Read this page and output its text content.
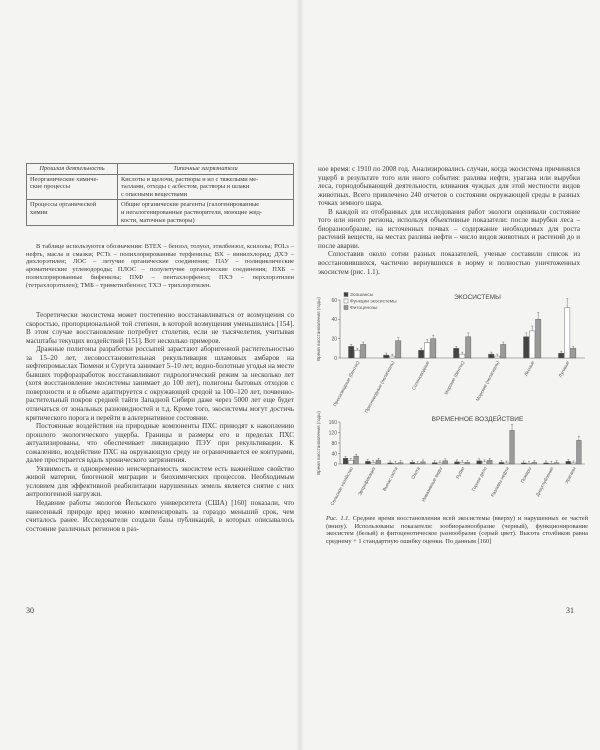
Прошлая деятельность	Типичные загрязнители
Неорганические химиче-
ские процессы	Кислоты и щелочи, растворы и ил с тяжелыми ме-
таллами, отходы с асбестом, растворы и шлаки
с опасными веществами
Процессы органической
химии	Общие органические реагенты (галогенированные
и негалогенированные растворители, моющие жид-
кости, маточные растворы)

В таблице используются обозначения: BTEX – бензол, толуол, этилбензол, ксилолы; POLs – нефть, масла и смазки; PCTs – полихлорированные терфенилы; ВХ – винилхлорид; ДХЭ – дихлорэтилен; ЛОС – летучие органические соединения; ПАУ – полициклические ароматические углеводороды; ПЛОС – полулетучие органические соединения; ПХБ – полихлорированные бифенилы; ПХФ – пентахлорфенол; ПХЭ – перхлорэтилен (тетрахлорэтилен); ТМБ – триметилбензол; ТХЭ – трихлорэтилен.

Теоретически экосистема может постепенно восстанавливаться от возмущения со скоростью, пропорциональной той степени, в которой возмущения уменьшились [154]. В этом случае восстановление потребует столетия, если не тысячелетия, учитывая масштабы текущих воздействий [151]. Вот несколько примеров.

Дражные полигоны разработки россыпей зарастают аборигенной растительностью за 15–20 лет, лесовосстановительная рекультивация шламовых амбаров на нефтепромыслах Тюмени и Сургута занимает 5–10 лет, водно-болотные угодья на месте бывших торфоразработок восстанавливают гидрологический режим за несколько лет (хотя восстановление экосистемы занимает до 100 лет), полигоны бытовых отходов с поверхности и в объеме адаптируется с окружающей средой за 100–120 лет, почвенно-растительный покров средней тайги Западной Сибири даже через 5000 лет еще будет отличаться от зональных разновидностей и т.д. Кроме того, экосистемы могут достичь критического порога и перейти в альтернативное состояние.

Постоянные воздействия на природные компоненты ПХС приводят к накоплению прошлого экологического ущерба. Границы и размеры его в пределах ПХС актуализированы, что обеспечивает ликвидацию ПЭУ при рекультивации. К сожалению, воздействие ПХС на окружающую среду не ограничивается ее контурами, далее простирается вдаль хронического загрязнения.

Уязвимость и одновременно неисчерпаемость экосистем есть важнейшее свойство живой материи, биогенной миграции и биохимических процессов. Необходимым условием для эффективной реабилитации нарушенных земель является снятие с них антропогенной нагрузки.

Недавние работы экологов Йельского университета (США) [160] показали, что нанесенный природе вред можно компенсировать за гораздо меньший срок, чем считалось ранее. Исследователи создали базы публикаций, в которых описывалось состояние различных регионов в раз-

30

ное время: с 1910 по 2008 год. Анализировались случаи, когда экосистема причинялся ущерб в результате того или иного события: разлива нефти, урагана или вырубки леса, горнодобывающей деятельности, вливания чуждых для этой местности видов животных. Всего привлечено 240 отчетов о состоянии окружающей среды в разных точках земного шара.

В каждой из отобранных для исследования работ экологи оценивали состояние того или иного региона, используя объективные показатели: после вырубки леса – биоразнообразие, на источенных почвах – содержание необходимых для роста растений веществ, на местах разлива нефти – число видов животных и растений до и после аварии.

Сопоставив около сотни разных показателей, ученые составили список из восстановившихся, частично вернувшихся в норму и полностью уничтоженных экосистем (рис. 1.1).

ЭКОСИСТЕМЫ
Время восстановления (годы)	0
20
40
60
Пресноводные (бентос) Пресноводные (пелагиаль)	Солоноводные	Морские (бентос) Морские (пелагиаль)	Лесные	Луговые
Зоошансы
Функции экосистемы
Фитоценозы
ВРЕМЕННОЕ ВОЗДЕЙСТВИЕ
Время восстановления (годы)	0
40
80
120
160
Сельское хозяйство Эвтрофикация Выпас скота	Охота Инвазивные виды	Рубки Горное дело Разливы нефти Пожары Дноуглубление Ураганы
Рис. 1.1. Среднее время восстановления всей экосистемы (вверху) и нарушенных ее частей (внизу). Использованы показатели: зообиоразнообразие (черный), функционирование экосистем (белый) и фитоценотическое разнообразие (серый цвет). Высота столбиков равна среднему + 1 стандартную ошибку оценки. По данным [160]
31
